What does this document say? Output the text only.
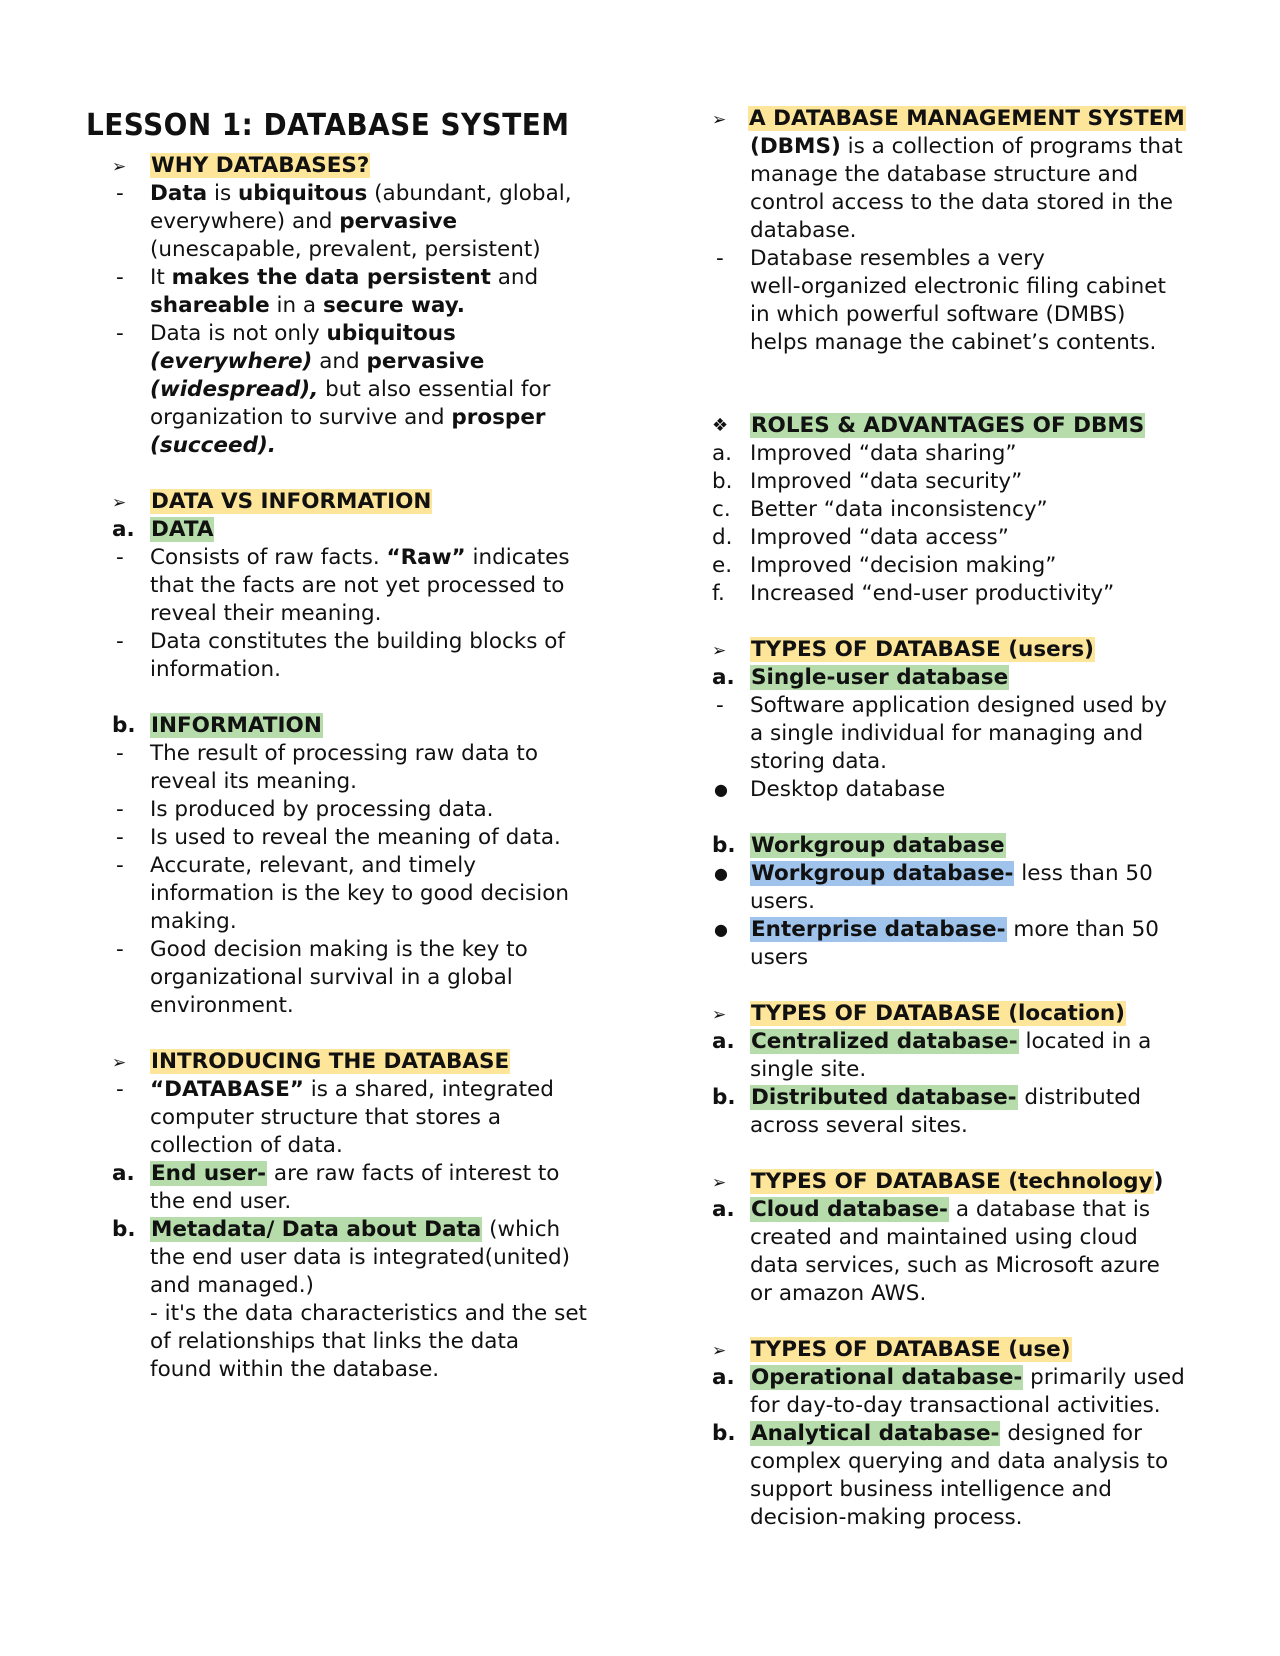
LESSON 1: DATABASE SYSTEM
➢ WHY DATABASES?
- Data is ubiquitous (abundant, global,
everywhere) and pervasive
(unescapable, prevalent, persistent)
- It makes the data persistent and
shareable in a secure way.
- Data is not only ubiquitous
(everywhere) and pervasive
(widespread), but also essential for
organization to survive and prosper
(succeed).
➢ DATA VS INFORMATION
a. DATA
- Consists of raw facts. “Raw” indicates
that the facts are not yet processed to
reveal their meaning.
- Data constitutes the building blocks of
information.
b. INFORMATION
- The result of processing raw data to
reveal its meaning.
- Is produced by processing data.
- Is used to reveal the meaning of data.
- Accurate, relevant, and timely
information is the key to good decision
making.
- Good decision making is the key to
organizational survival in a global
environment.
➢ INTRODUCING THE DATABASE
- “DATABASE” is a shared, integrated
computer structure that stores a
collection of data.
a. End user- are raw facts of interest to
the end user.
b. Metadata/ Data about Data (which
the end user data is integrated(united)
and managed.)
- it's the data characteristics and the set
of relationships that links the data
found within the database.
➢ A DATABASE MANAGEMENT SYSTEM
(DBMS) is a collection of programs that
manage the database structure and
control access to the data stored in the
database.
- Database resembles a very
well-organized electronic filing cabinet
in which powerful software (DMBS)
helps manage the cabinet’s contents.
❖ ROLES & ADVANTAGES OF DBMS
a. Improved “data sharing”
b. Improved “data security”
c. Better “data inconsistency”
d. Improved “data access”
e. Improved “decision making”
f. Increased “end-user productivity”
➢ TYPES OF DATABASE (users)
a. Single-user database
- Software application designed used by
a single individual for managing and
storing data.
● Desktop database
b. Workgroup database
● Workgroup database- less than 50
users.
● Enterprise database- more than 50
users
➢ TYPES OF DATABASE (location)
a. Centralized database- located in a
single site.
b. Distributed database- distributed
across several sites.
➢ TYPES OF DATABASE (technology)
a. Cloud database- a database that is
created and maintained using cloud
data services, such as Microsoft azure
or amazon AWS.
➢ TYPES OF DATABASE (use)
a. Operational database- primarily used
for day-to-day transactional activities.
b. Analytical database- designed for
complex querying and data analysis to
support business intelligence and
decision-making process.
